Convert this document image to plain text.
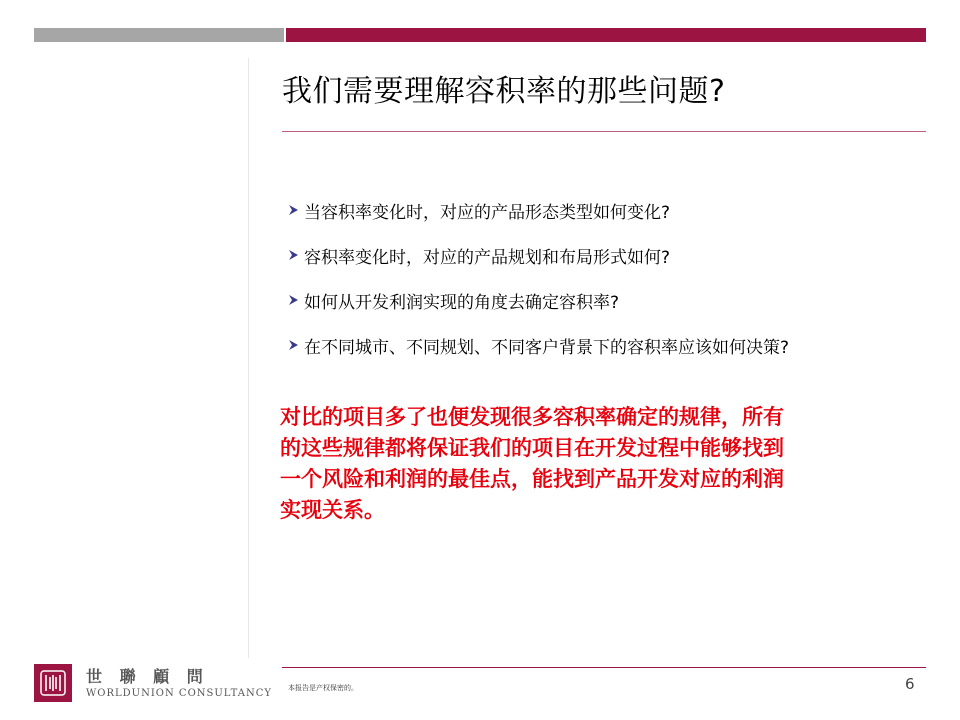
我们需要理解容积率的那些问题?
当容积率变化时，对应的产品形态类型如何变化?
容积率变化时，对应的产品规划和布局形式如何?
如何从开发利润实现的角度去确定容积率?
在不同城市、不同规划、不同客户背景下的容积率应该如何决策?
对比的项目多了也便发现很多容积率确定的规律，所有
的这些规律都将保证我们的项目在开发过程中能够找到
一个风险和利润的最佳点，能找到产品开发对应的利润
实现关系。
世 聯 顧 問
WORLDUNION CONSULTANCY 本报告是产权保密的。	6
